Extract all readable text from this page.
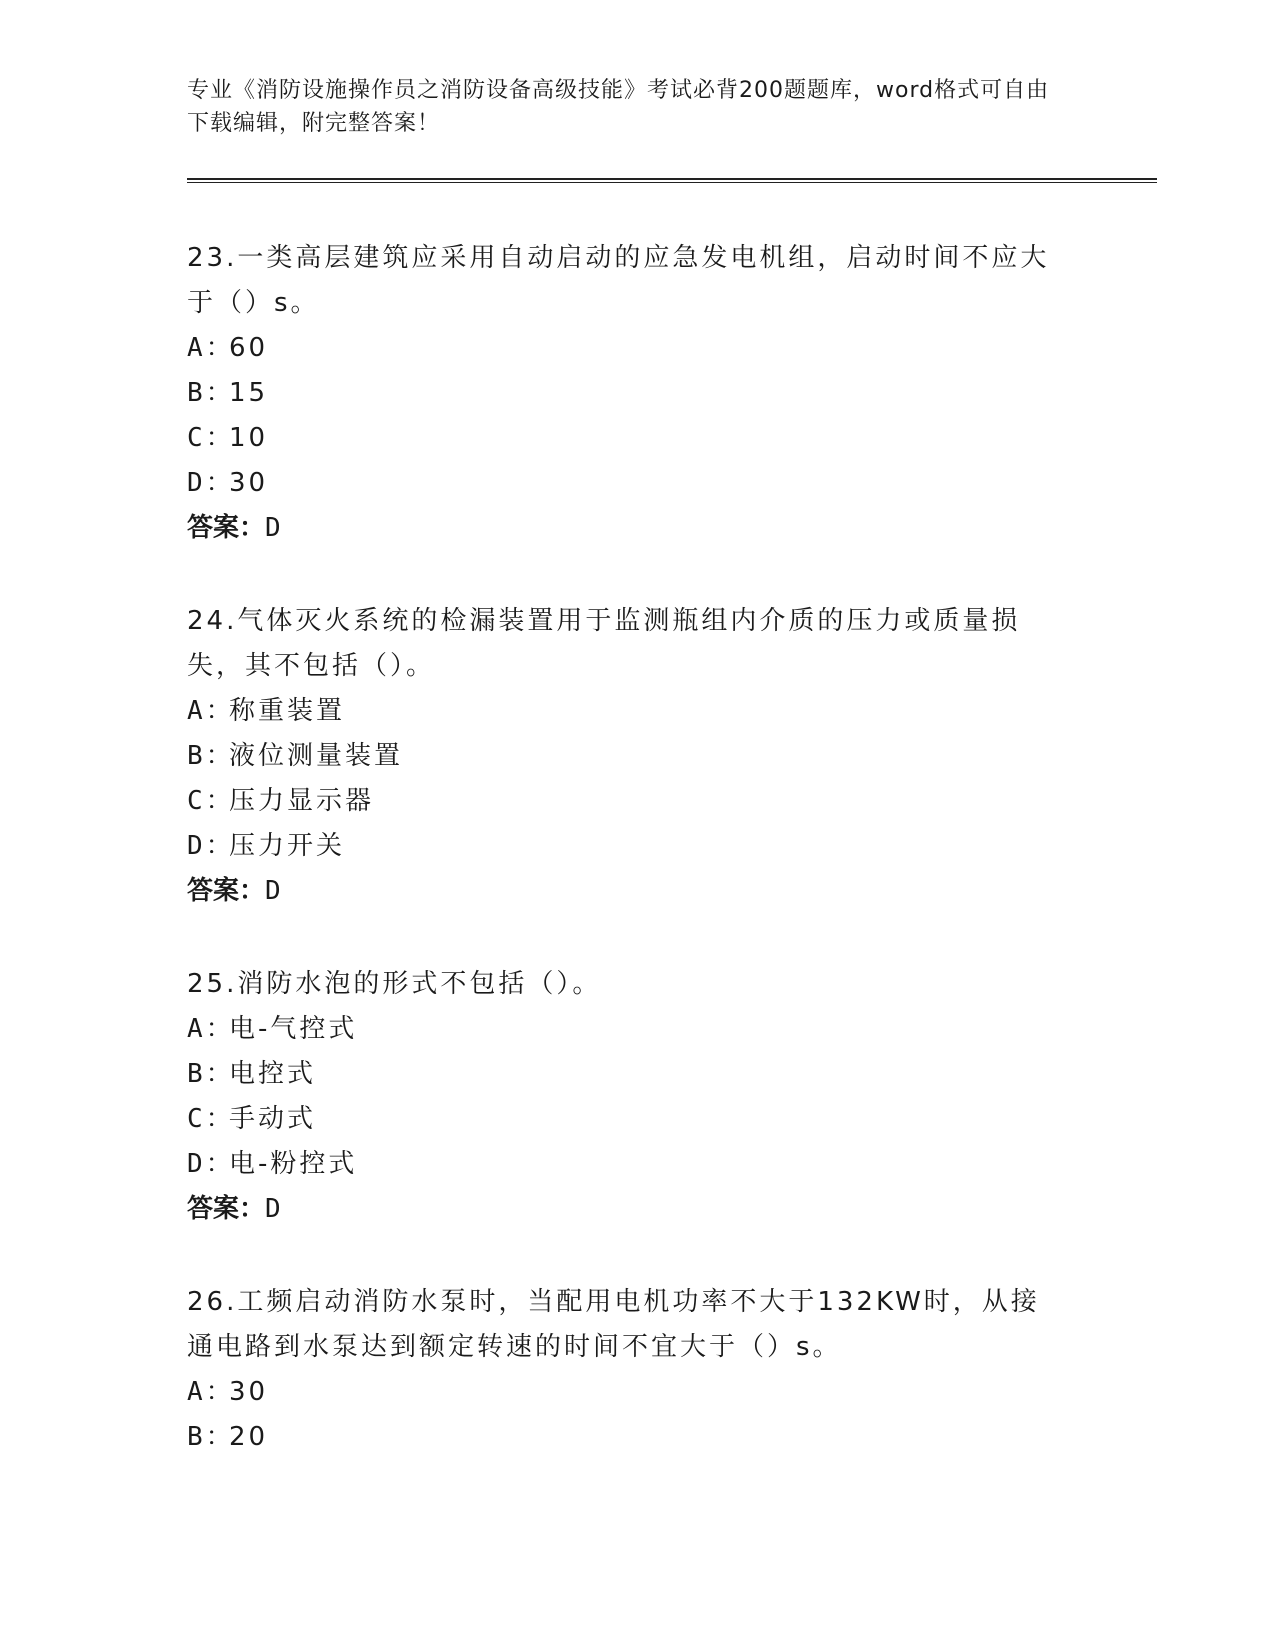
专业《消防设施操作员之消防设备高级技能》考试必背200题题库，word格式可自由下载编辑，附完整答案！
23.一类高层建筑应采用自动启动的应急发电机组，启动时间不应大于（）s。
A：
60
B：
15
C：
10
D：
30
答案：D
24.气体灭火系统的检漏装置用于监测瓶组内介质的压力或质量损失，其不包括（）。
A：
称重装置
B：
液位测量装置
C：
压力显示器
D：
压力开关
答案：D
25.消防水泡的形式不包括（）。
A：
电-气控式
B：
电控式
C：
手动式
D：
电-粉控式
答案：D
26.工频启动消防水泵时，当配用电机功率不大于132KW时，从接通电路到水泵达到额定转速的时间不宜大于（）s。
A：
30
B：
20
